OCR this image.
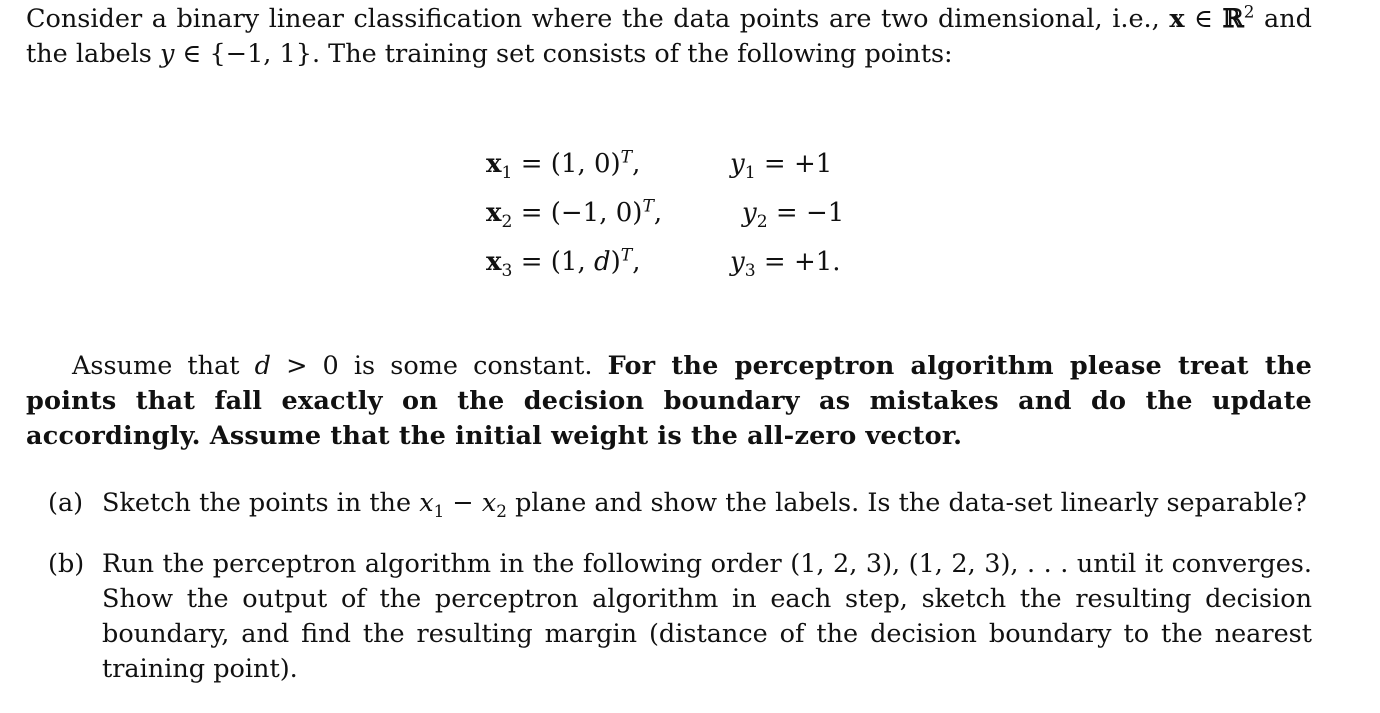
Consider a binary linear classification where the data points are two dimensional, i.e., x ∈ ℝ$^2$ and the labels y ∈ {−1, 1}. The training set consists of the following points:

$x_1 = (1$, 0)$^T$,	$y_1 = +1$
$x_2 = (-1$, 0)$^T$,	$y_2 = -1$
$x_3 = (1$, d)$^T$,	$y_3 = +1$.

Assume that d > 0 is some constant. For the perceptron algorithm please treat the points that fall exactly on the decision boundary as mistakes and do the update accordingly. Assume that the initial weight is the all-zero vector.

(a) Sketch the points in the $x_1 - x_2$ plane and show the labels. Is the data-set linearly separable?

(b) Run the perceptron algorithm in the following order (1, 2, 3), (1, 2, 3), . . . until it converges. Show the output of the perceptron algorithm in each step, sketch the resulting decision boundary, and find the resulting margin (distance of the decision boundary to the nearest training point).
